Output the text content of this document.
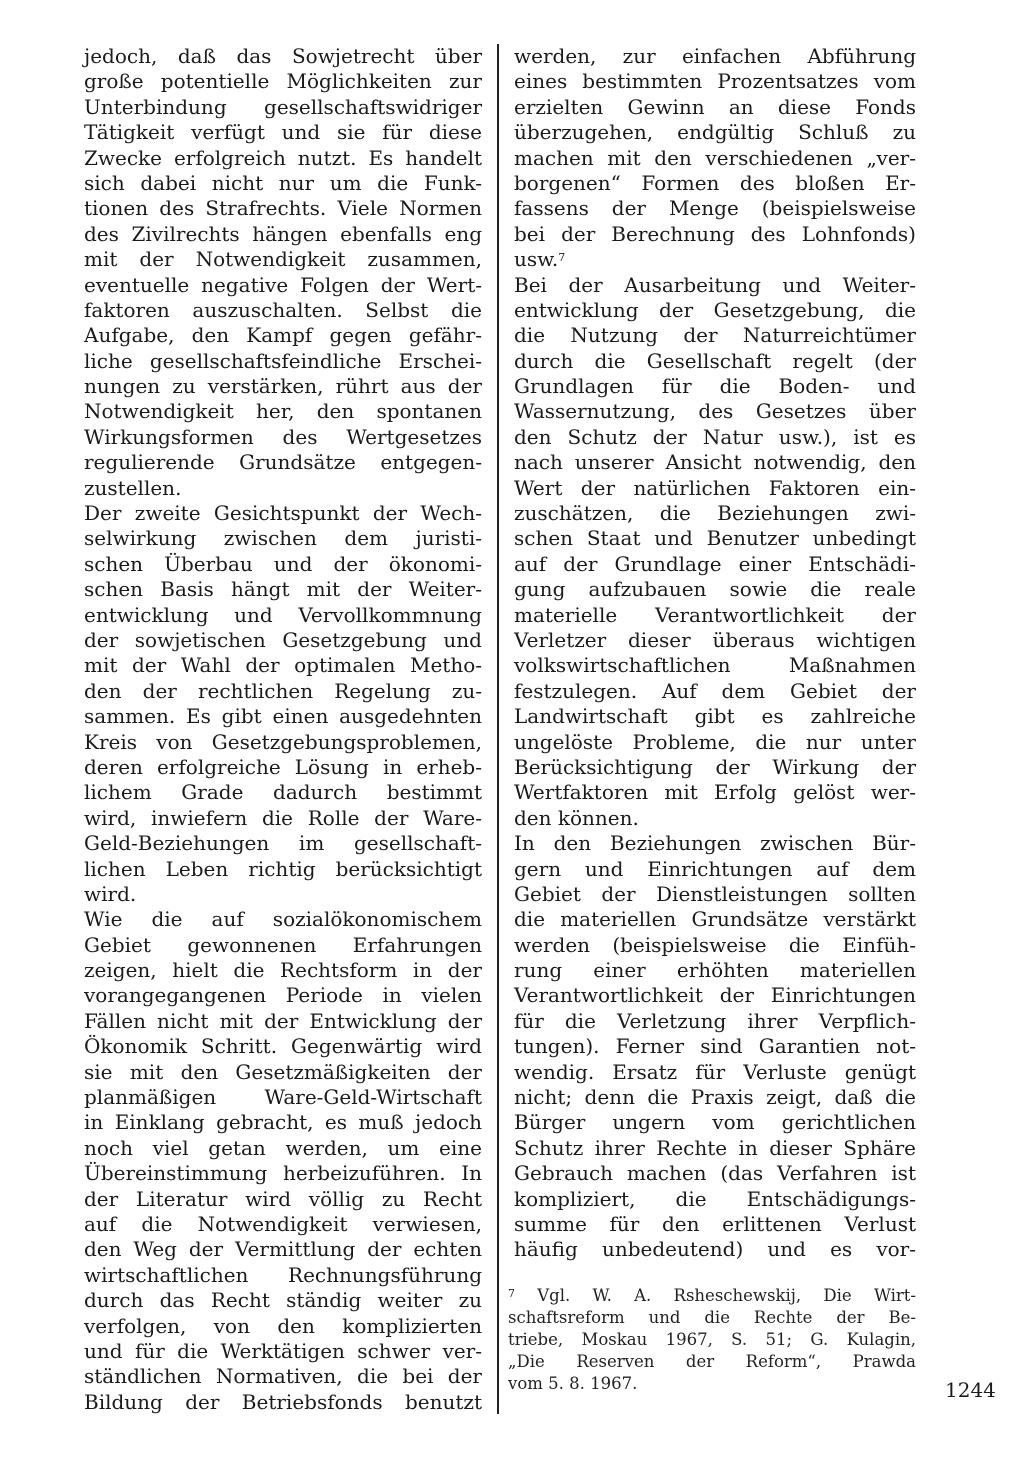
jedoch, daß das Sowjetrecht über
große potentielle Möglichkeiten zur
Unterbindung gesellschaftswidriger
Tätigkeit verfügt und sie für diese
Zwecke erfolgreich nutzt. Es handelt
sich dabei nicht nur um die Funk-
tionen des Strafrechts. Viele Normen
des Zivilrechts hängen ebenfalls eng
mit der Notwendigkeit zusammen,
eventuelle negative Folgen der Wert-
faktoren auszuschalten. Selbst die
Aufgabe, den Kampf gegen gefähr-
liche gesellschaftsfeindliche Erschei-
nungen zu verstärken, rührt aus der
Notwendigkeit her, den spontanen
Wirkungsformen des Wertgesetzes
regulierende Grundsätze entgegen-
zustellen.
Der zweite Gesichtspunkt der Wech-
selwirkung zwischen dem juristi-
schen Überbau und der ökonomi-
schen Basis hängt mit der Weiter-
entwicklung und Vervollkommnung
der sowjetischen Gesetzgebung und
mit der Wahl der optimalen Metho-
den der rechtlichen Regelung zu-
sammen. Es gibt einen ausgedehnten
Kreis von Gesetzgebungsproblemen,
deren erfolgreiche Lösung in erheb-
lichem Grade dadurch bestimmt
wird, inwiefern die Rolle der Ware-
Geld-Beziehungen im gesellschaft-
lichen Leben richtig berücksichtigt
wird.
Wie die auf sozialökonomischem
Gebiet gewonnenen Erfahrungen
zeigen, hielt die Rechtsform in der
vorangegangenen Periode in vielen
Fällen nicht mit der Entwicklung der
Ökonomik Schritt. Gegenwärtig wird
sie mit den Gesetzmäßigkeiten der
planmäßigen Ware-Geld-Wirtschaft
in Einklang gebracht, es muß jedoch
noch viel getan werden, um eine
Übereinstimmung herbeizuführen. In
der Literatur wird völlig zu Recht
auf die Notwendigkeit verwiesen,
den Weg der Vermittlung der echten
wirtschaftlichen Rechnungsführung
durch das Recht ständig weiter zu
verfolgen, von den komplizierten
und für die Werktätigen schwer ver-
ständlichen Normativen, die bei der
Bildung der Betriebsfonds benutzt
werden, zur einfachen Abführung
eines bestimmten Prozentsatzes vom
erzielten Gewinn an diese Fonds
überzugehen, endgültig Schluß zu
machen mit den verschiedenen „ver-
borgenen“ Formen des bloßen Er-
fassens der Menge (beispielsweise
bei der Berechnung des Lohnfonds)
usw.$^7$
Bei der Ausarbeitung und Weiter-
entwicklung der Gesetzgebung, die
die Nutzung der Naturreichtümer
durch die Gesellschaft regelt (der
Grundlagen für die Boden- und
Wassernutzung, des Gesetzes über
den Schutz der Natur usw.), ist es
nach unserer Ansicht notwendig, den
Wert der natürlichen Faktoren ein-
zuschätzen, die Beziehungen zwi-
schen Staat und Benutzer unbedingt
auf der Grundlage einer Entschädi-
gung aufzubauen sowie die reale
materielle Verantwortlichkeit der
Verletzer dieser überaus wichtigen
volkswirtschaftlichen Maßnahmen
festzulegen. Auf dem Gebiet der
Landwirtschaft gibt es zahlreiche
ungelöste Probleme, die nur unter
Berücksichtigung der Wirkung der
Wertfaktoren mit Erfolg gelöst wer-
den können.
In den Beziehungen zwischen Bür-
gern und Einrichtungen auf dem
Gebiet der Dienstleistungen sollten
die materiellen Grundsätze verstärkt
werden (beispielsweise die Einfüh-
rung einer erhöhten materiellen
Verantwortlichkeit der Einrichtungen
für die Verletzung ihrer Verpflich-
tungen). Ferner sind Garantien not-
wendig. Ersatz für Verluste genügt
nicht; denn die Praxis zeigt, daß die
Bürger ungern vom gerichtlichen
Schutz ihrer Rechte in dieser Sphäre
Gebrauch machen (das Verfahren ist
kompliziert, die Entschädigungs-
summe für den erlittenen Verlust
häufig unbedeutend) und es vor-
$^7$ Vgl. W. A. Rsheschewskij, Die Wirt-
schaftsreform und die Rechte der Be-
triebe, Moskau 1967, S. 51; G. Kulagin,
„Die Reserven der Reform“, Prawda
vom 5. 8. 1967.	1244
